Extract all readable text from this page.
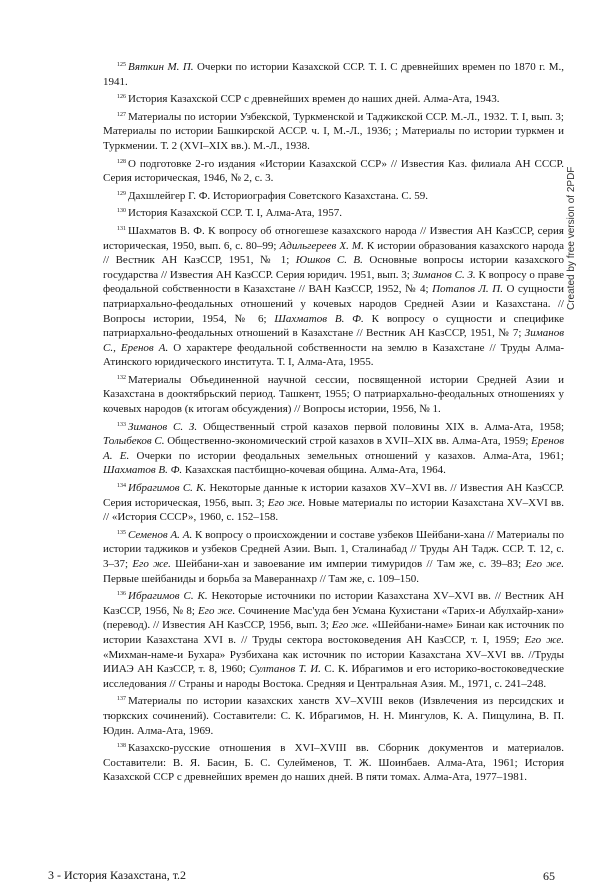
$^{125}$ Вяткин М. П. Очерки по истории Казахской ССР. Т. I. С древнейших времен по 1870 г. М., 1941.

$^{126}$ История Казахской ССР с древнейших времен до наших дней. Алма-Ата, 1943.

$^{127}$ Материалы по истории Узбекской, Туркменской и Таджикской ССР. М.-Л., 1932. Т. I, вып. 3; Материалы по истории Башкирской АССР. ч. I, М.-Л., 1936; ; Материалы по истории туркмен и Туркмении. Т. 2 (XVI–XIX вв.). М.-Л., 1938.

$^{128}$ О подготовке 2-го издания «Истории Казахской ССР» // Известия Каз. филиала АН СССР. Серия историческая, 1946, № 2, с. 3.

$^{129}$ Дахшлейгер Г. Ф. Историография Советского Казахстана. С. 59.

$^{130}$ История Казахской ССР. Т. I, Алма-Ата, 1957.

$^{131}$ Шахматов В. Ф. К вопросу об отногешезе казахского народа // Известия АН КазССР, серия историческая, 1950, вып. 6, с. 80–99; Адильгереев Х. М. К истории образования казахского народа // Вестник АН КазССР, 1951, № 1; Юшков С. В. Основные вопросы истории казахского государства // Известия АН КазССР. Серия юридич. 1951, вып. 3; Зиманов С. З. К вопросу о праве феодальной собственности в Казахстане // ВАН КазССР, 1952, № 4; Потапов Л. П. О сущности патриархально-феодальных отношений у кочевых народов Средней Азии и Казахстана. // Вопросы истории, 1954, № 6; Шахматов В. Ф. К вопросу о сущности и специфике патриархально-феодальных отношений в Казахстане // Вестник АН КазССР, 1951, № 7; Зиманов С., Еренов А. О характере феодальной собственности на землю в Казахстане // Труды Алма-Атинского юридического института. Т. I, Алма-Ата, 1955.

$^{132}$ Материалы Объединенной научной сессии, посвященной истории Средней Азии и Казахстана в дооктябрьский период. Ташкент, 1955; О патриархально-феодальных отношениях у кочевых народов (к итогам обсуждения) // Вопросы истории, 1956, № 1.

$^{133}$ Зиманов С. З. Общественный строй казахов первой половины XIX в. Алма-Ата, 1958; Толыбеков С. Общественно-экономический строй казахов в XVII–XIX вв. Алма-Ата, 1959; Еренов А. Е. Очерки по истории феодальных земельных отношений у казахов. Алма-Ата, 1961; Шахматов В. Ф. Казахская пастбищно-кочевая община. Алма-Ата, 1964.

$^{134}$ Ибрагимов С. К. Некоторые данные к истории казахов XV–XVI вв. // Известия АН КазССР. Серия историческая, 1956, вып. 3; Его же. Новые материалы по истории Казахстана XV–XVI вв. // «История СССР», 1960, с. 152–158.

$^{135}$ Семенов А. А. К вопросу о происхождении и составе узбеков Шейбани-хана // Материалы по истории таджиков и узбеков Средней Азии. Вып. 1, Сталинабад // Труды АН Тадж. ССР. Т. 12, с. 3–37; Его же. Шейбани-хан и завоевание им империи тимуридов // Там же, с. 39–83; Его же. Первые шейбаниды и борьба за Мавераннахр // Там же, с. 109–150.

$^{136}$ Ибрагимов С. К. Некоторые источники по истории Казахстана XV–XVI вв. // Вестник АН КазССР, 1956, № 8; Его же. Сочинение Мас'уда бен Усмана Кухистани «Тарих-и Абулхайр-хани» (перевод). // Известия АН КазССР, 1956, вып. 3; Его же. «Шейбани-наме» Бинаи как источник по истории Казахстана XVI в. // Труды сектора востоковедения АН КазССР, т. I, 1959; Его же. «Михман-наме-и Бухара» Рузбихана как источник по истории Казахстана XV–XVI вв. //Труды ИИАЭ АН КазССР, т. 8, 1960; Султанов Т. И. С. К. Ибрагимов и его историко-востоковедческие исследования // Страны и народы Востока. Средняя и Центральная Азия. М., 1971, с. 241–248.

$^{137}$ Материалы по истории казахских ханств XV–XVIII веков (Извлечения из персидских и тюркских сочинений). Составители: С. К. Ибрагимов, Н. Н. Мингулов, К. А. Пищулина, В. П. Юдин. Алма-Ата, 1969.

$^{138}$ Казахско-русские отношения в XVI–XVIII вв. Сборник документов и материалов. Составители: В. Я. Басин, Б. С. Сулейменов, Т. Ж. Шоинбаев. Алма-Ата, 1961; История Казахской ССР с древнейших времен до наших дней. В пяти томах. Алма-Ата, 1977–1981.

Created by free version of 2PDF
3 - История Казахстана, т.2	65
